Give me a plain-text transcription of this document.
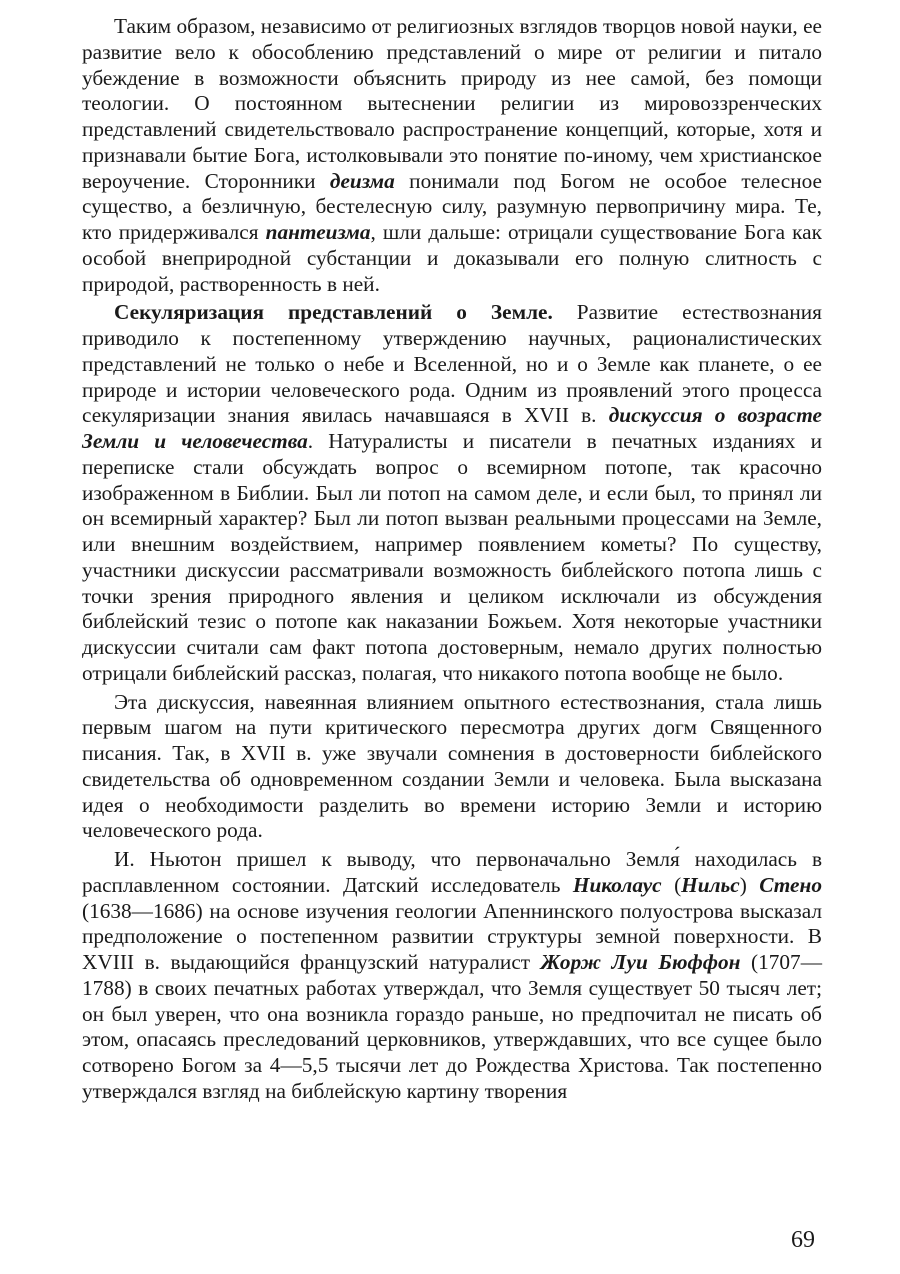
Таким образом, независимо от религиозных взглядов творцов новой науки, ее развитие вело к обособлению представлений о мире от религии и питало убеждение в возможности объяснить природу из нее самой, без помощи теологии. О постоянном вытеснении религии из мировоззренческих представлений свидетельствовало распространение концепций, которые, хотя и признавали бытие Бога, истолковывали это понятие по-иному, чем христианское вероучение. Сторонники деизма понимали под Богом не особое телесное существо, а безличную, бестелесную силу, разумную первопричину мира. Те, кто придерживался пантеизма, шли дальше: отрицали существование Бога как особой внеприродной субстанции и доказывали его полную слитность с природой, растворенность в ней.

Секуляризация представлений о Земле. Развитие естествознания приводило к постепенному утверждению научных, рационалистических представлений не только о небе и Вселенной, но и о Земле как планете, о ее природе и истории человеческого рода. Одним из проявлений этого процесса секуляризации знания явилась начавшаяся в XVII в. дискуссия о возрасте Земли и человечества. Натуралисты и писатели в печатных изданиях и переписке стали обсуждать вопрос о всемирном потопе, так красочно изображенном в Библии. Был ли потоп на самом деле, и если был, то принял ли он всемирный характер? Был ли потоп вызван реальными процессами на Земле, или внешним воздействием, например появлением кометы? По существу, участники дискуссии рассматривали возможность библейского потопа лишь с точки зрения природного явления и целиком исключали из обсуждения библейский тезис о потопе как наказании Божьем. Хотя некоторые участники дискуссии считали сам факт потопа достоверным, немало других полностью отрицали библейский рассказ, полагая, что никакого потопа вообще не было.

Эта дискуссия, навеянная влиянием опытного естествознания, стала лишь первым шагом на пути критического пересмотра других догм Священного писания. Так, в XVII в. уже звучали сомнения в достоверности библейского свидетельства об одновременном создании Земли и человека. Была высказана идея о необходимости разделить во времени историю Земли и историю человеческого рода.

И. Ньютон пришел к выводу, что первоначально Земля́ находилась в расплавленном состоянии. Датский исследователь Николаус (Нильс) Стено (1638—1686) на основе изучения геологии Апеннинского полуострова высказал предположение о постепенном развитии структуры земной поверхности. В XVIII в. выдающийся французский натуралист Жорж Луи Бюффон (1707— 1788) в своих печатных работах утверждал, что Земля существует 50 тысяч лет; он был уверен, что она возникла гораздо раньше, но предпочитал не писать об этом, опасаясь преследований церковников, утверждавших, что все сущее было сотворено Богом за 4—5,5 тысячи лет до Рождества Христова. Так постепенно утверждался взгляд на библейскую картину творения

69
